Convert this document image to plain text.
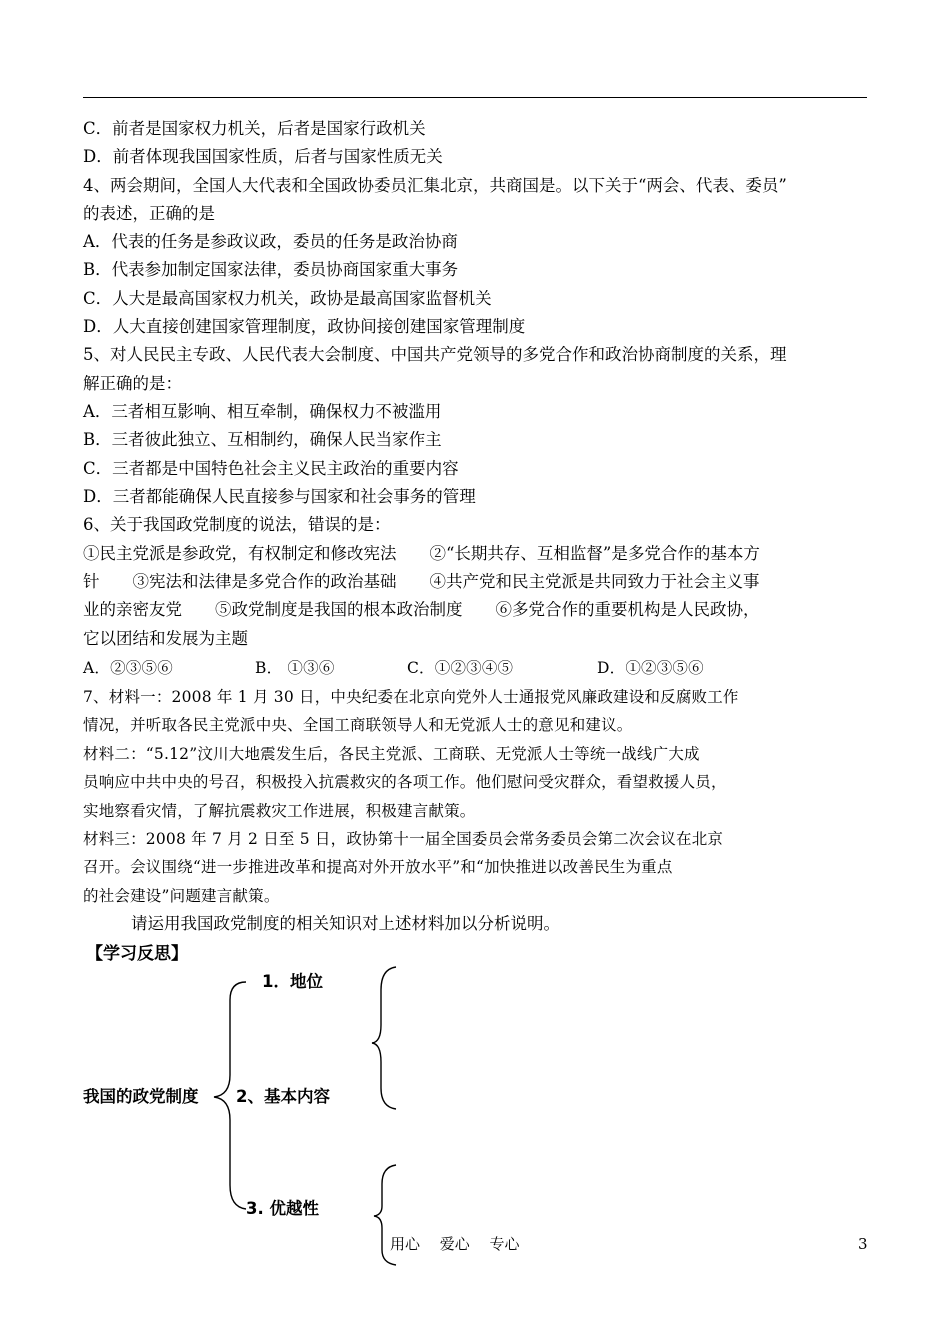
C．前者是国家权力机关，后者是国家行政机关
D．前者体现我国国家性质，后者与国家性质无关
4、两会期间，全国人大代表和全国政协委员汇集北京，共商国是。以下关于“两会、代表、委员”
的表述，正确的是
A．代表的任务是参政议政，委员的任务是政治协商
B．代表参加制定国家法律，委员协商国家重大事务
C．人大是最高国家权力机关，政协是最高国家监督机关
D．人大直接创建国家管理制度，政协间接创建国家管理制度
5、对人民民主专政、人民代表大会制度、中国共产党领导的多党合作和政治协商制度的关系，理
解正确的是：
A．三者相互影响、相互牵制，确保权力不被滥用
B．三者彼此独立、互相制约，确保人民当家作主
C．三者都是中国特色社会主义民主政治的重要内容
D．三者都能确保人民直接参与国家和社会事务的管理
6、关于我国政党制度的说法，错误的是：
①民主党派是参政党，有权制定和修改宪法　　②“长期共存、互相监督”是多党合作的基本方
针　　③宪法和法律是多党合作的政治基础　　④共产党和民主党派是共同致力于社会主义事
业的亲密友党　　⑤政党制度是我国的根本政治制度　　⑥多党合作的重要机构是人民政协，
它以团结和发展为主题
A．②③⑤⑥	B． ①③⑥	C．①②③④⑤	D．①②③⑤⑥
7、材料一：2008 年 1 月 30 日，中央纪委在北京向党外人士通报党风廉政建设和反腐败工作
情况，并听取各民主党派中央、全国工商联领导人和无党派人士的意见和建议。
材料二：“5.12”汶川大地震发生后，各民主党派、工商联、无党派人士等统一战线广大成
员响应中共中央的号召，积极投入抗震救灾的各项工作。他们慰问受灾群众，看望救援人员，
实地察看灾情，了解抗震救灾工作进展，积极建言献策。
材料三：2008 年 7 月 2 日至 5 日，政协第十一届全国委员会常务委员会第二次会议在北京
召开。会议围绕“进一步推进改革和提高对外开放水平”和“加快推进以改善民生为重点
的社会建设”问题建言献策。
请运用我国政党制度的相关知识对上述材料加以分析说明。
【学习反思】
1．地位
我国的政党制度 2、基本内容
3. 优越性
用心　 爱心　 专心	3
